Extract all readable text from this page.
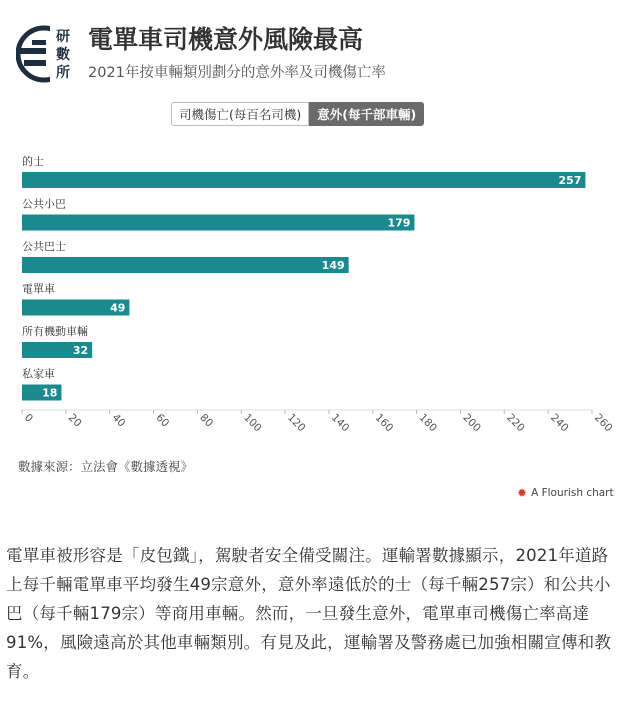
研
數
所
電單車司機意外風險最高
2021年按車輛類別劃分的意外率及司機傷亡率
司機傷亡(每百名司機)	意外(每千部車輛)
的士
257
公共小巴
179
公共巴士
149
電單車
49
所有機動車輛
32
私家車
18
0	20 40 60 80 100 120 140 160 180 200 220 240 260
數據來源：立法會《數據透視》
✹ A Flourish chart
電單車被形容是「皮包鐵」，駕駛者安全備受關注。運輸署數據顯示，2021年道路上每千輛電單車平均發生49宗意外，意外率遠低於的士（每千輛257宗）和公共小巴（每千輛179宗）等商用車輛。然而，一旦發生意外，電單車司機傷亡率高達91%，風險遠高於其他車輛類別。有見及此，運輸署及警務處已加強相關宣傳和教育。
